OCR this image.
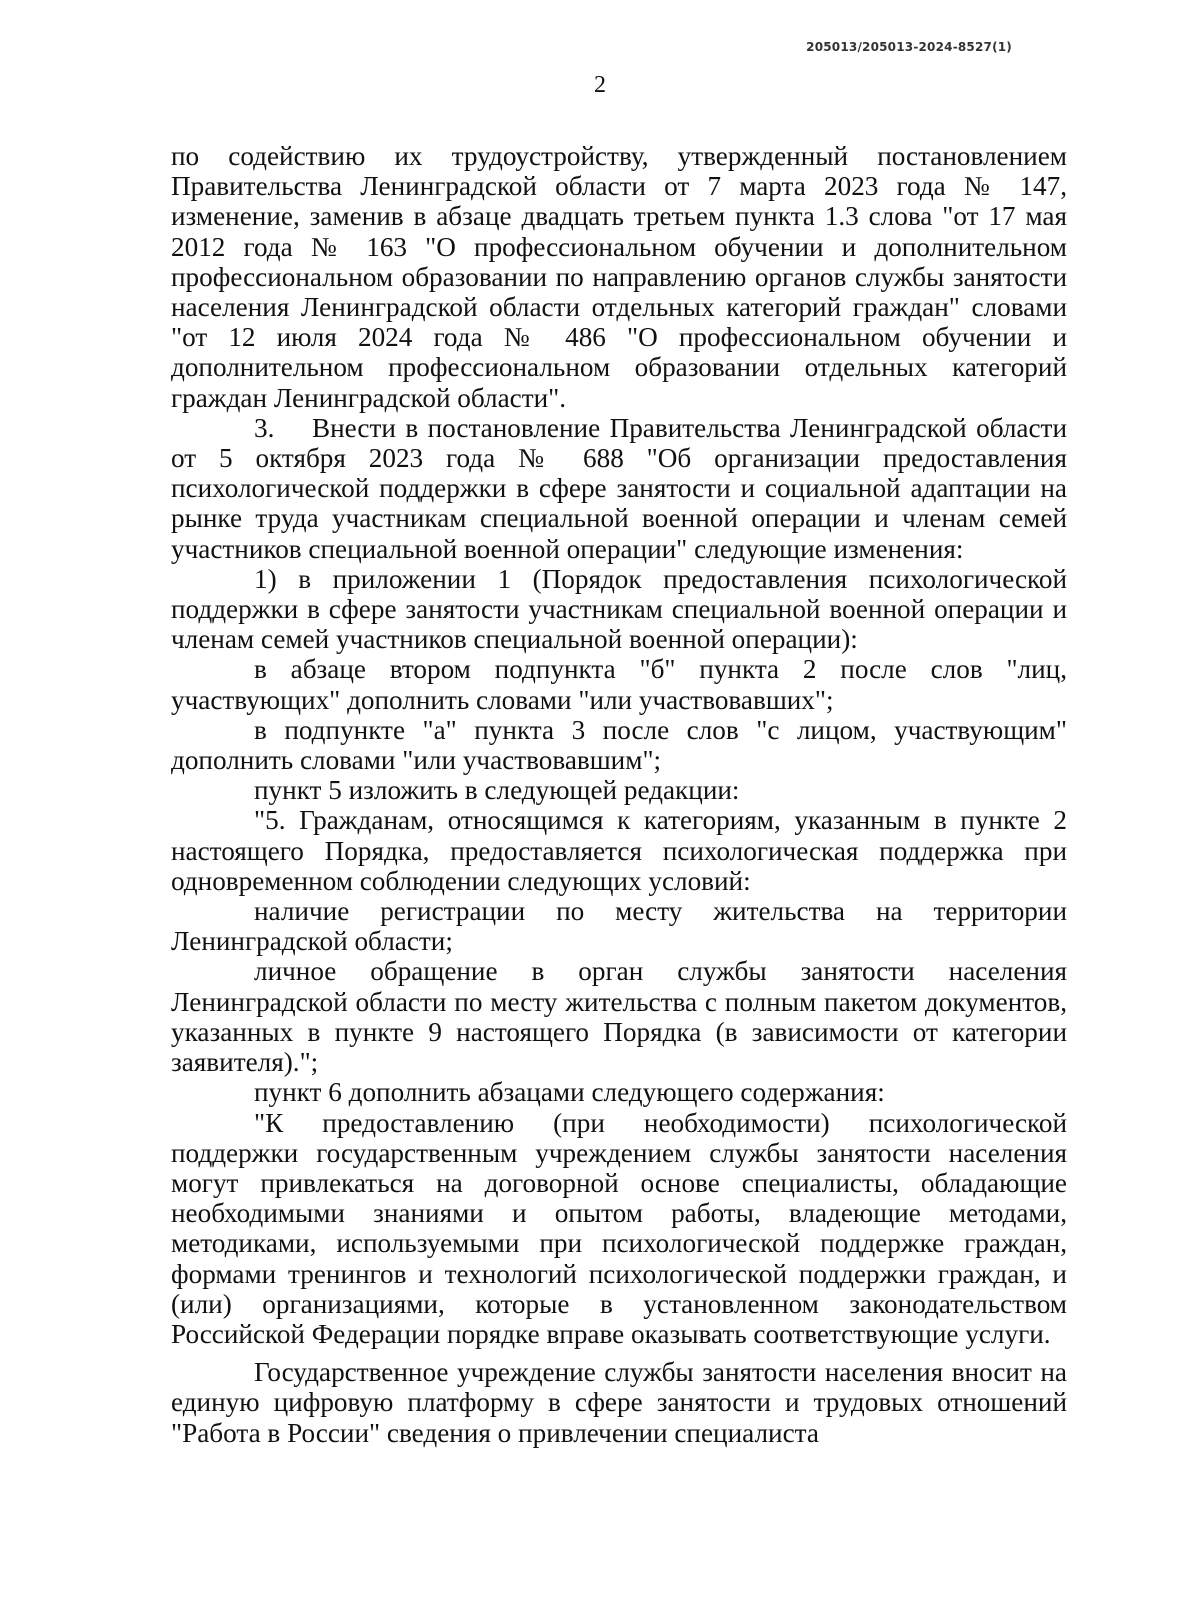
205013/205013-2024-8527(1)
2

по содействию их трудоустройству, утвержденный постановлением Правительства Ленинградской области от 7 марта 2023 года № 147, изменение, заменив в абзаце двадцать третьем пункта 1.3 слова "от 17 мая 2012 года № 163 "О профессиональном обучении и дополнительном профессиональном образовании по направлению органов службы занятости населения Ленинградской области отдельных категорий граждан" словами "от 12 июля 2024 года № 486 "О профессиональном обучении и дополнительном профессиональном образовании отдельных категорий граждан Ленинградской области".

3.    Внести в постановление Правительства Ленинградской области от 5 октября 2023 года № 688 "Об организации предоставления психологической поддержки в сфере занятости и социальной адаптации на рынке труда участникам специальной военной операции и членам семей участников специальной военной операции" следующие изменения:

1) в приложении 1 (Порядок предоставления психологической поддержки в сфере занятости участникам специальной военной операции и членам семей участников специальной военной операции):

в абзаце втором подпункта "б" пункта 2 после слов "лиц, участвующих" дополнить словами "или участвовавших";

в подпункте "а" пункта 3 после слов "с лицом, участвующим" дополнить словами "или участвовавшим";

пункт 5 изложить в следующей редакции:

"5. Гражданам, относящимся к категориям, указанным в пункте 2 настоящего Порядка, предоставляется психологическая поддержка при одновременном соблюдении следующих условий:

наличие регистрации по месту жительства на территории Ленинградской области;

личное обращение в орган службы занятости населения Ленинградской области по месту жительства с полным пакетом документов, указанных в пункте 9 настоящего Порядка (в зависимости от категории заявителя).";

пункт 6 дополнить абзацами следующего содержания:

"К предоставлению (при необходимости) психологической поддержки государственным учреждением службы занятости населения могут привлекаться на договорной основе специалисты, обладающие необходимыми знаниями и опытом работы, владеющие методами, методиками, используемыми при психологической поддержке граждан, формами тренингов и технологий психологической поддержки граждан, и (или) организациями, которые в установленном законодательством Российской Федерации порядке вправе оказывать соответствующие услуги.

Государственное учреждение службы занятости населения вносит на единую цифровую платформу в сфере занятости и трудовых отношений "Работа в России" сведения о привлечении специалиста
